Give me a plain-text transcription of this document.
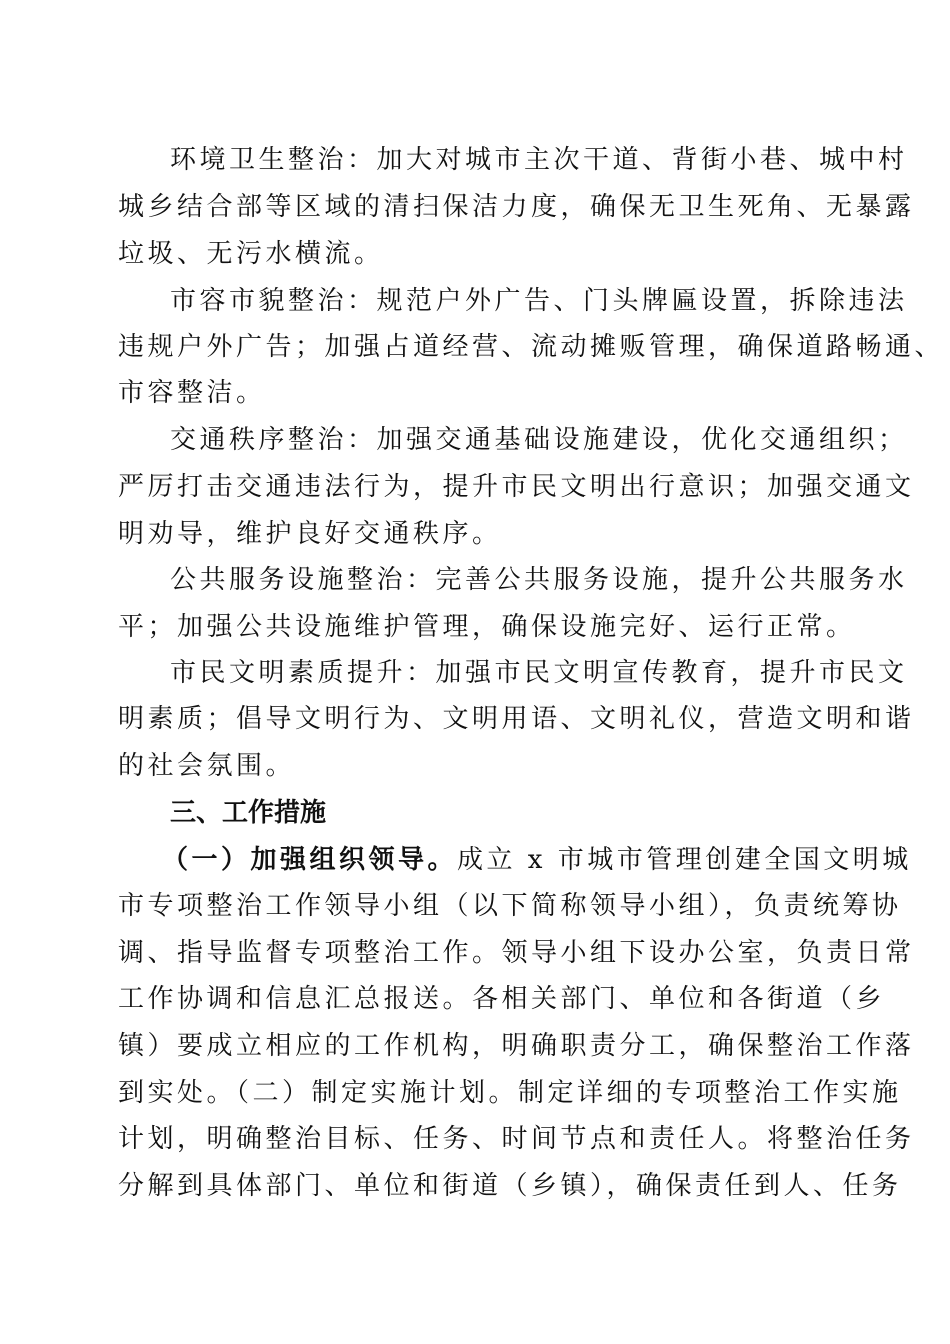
环境卫生整治：加大对城市主次干道、背街小巷、城中村
城乡结合部等区域的清扫保洁力度，确保无卫生死角、无暴露
垃圾、无污水横流。
市容市貌整治：规范户外广告、门头牌匾设置，拆除违法
违规户外广告；加强占道经营、流动摊贩管理，确保道路畅通、
市容整洁。
交通秩序整治：加强交通基础设施建设，优化交通组织；
严厉打击交通违法行为，提升市民文明出行意识；加强交通文
明劝导，维护良好交通秩序。
公共服务设施整治：完善公共服务设施，提升公共服务水
平；加强公共设施维护管理，确保设施完好、运行正常。
市民文明素质提升：加强市民文明宣传教育，提升市民文
明素质；倡导文明行为、文明用语、文明礼仪，营造文明和谐
的社会氛围。
三、工作措施
（一）加强组织领导。成立 x 市城市管理创建全国文明城
市专项整治工作领导小组（以下简称领导小组），负责统筹协
调、指导监督专项整治工作。领导小组下设办公室，负责日常
工作协调和信息汇总报送。各相关部门、单位和各街道（乡
镇）要成立相应的工作机构，明确职责分工，确保整治工作落
到实处。（二）制定实施计划。制定详细的专项整治工作实施
计划，明确整治目标、任务、时间节点和责任人。将整治任务
分解到具体部门、单位和街道（乡镇），确保责任到人、任务
